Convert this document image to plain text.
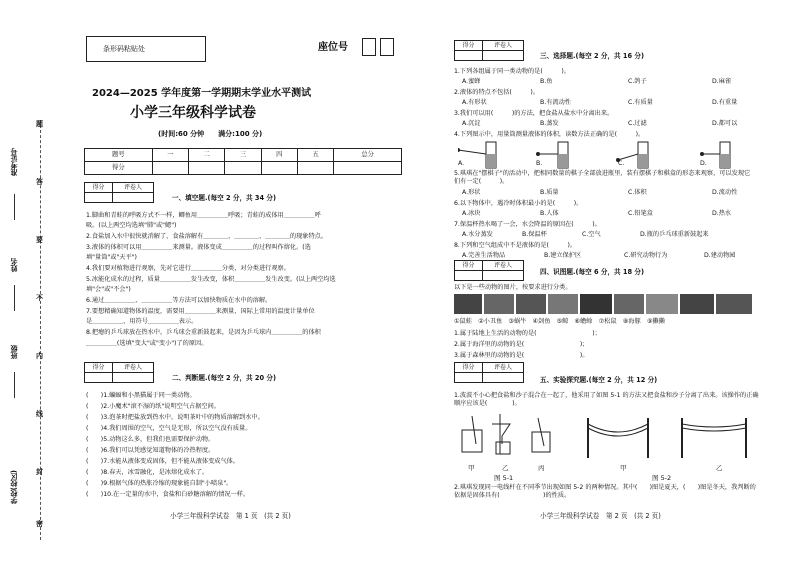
题
答
要
不
内
线
封
密
准考证号
姓名
班级
学校(校区)
条形码粘贴处	座位号
2024—2025 学年度第一学期期末学业水平测试
小学三年级科学试卷
(时间:60 分钟　　满分:100 分)
题号	一	二	三	四	五	总分
得分						
得分	评卷人

一、填空题.(每空 2 分，共 34 分)
1.脚曲和青蛙的呼吸方式不一样，鲫鱼用＿＿＿＿＿呼吸；青蛙的成体用＿＿＿＿＿呼
吸。(以上两空均选填"肺"或"鳃")
2.食盐加入水中很快就消解了，食盐溶解有＿＿＿＿、＿＿＿＿、＿＿＿＿的现象特点。
3.液体的体积可以用＿＿＿＿＿来测量。液体变成＿＿＿＿＿的过程叫作熔化。(选
填"量筒"或"天平")
4.我们要对植物进行观察，先对它进行＿＿＿＿＿分类，对分类进行观察。
5.冰能化成水的过程，质量＿＿＿＿＿发生改变，体积＿＿＿＿＿发生改变。(以上两空均选
填"会"或"不会")
6.通过＿＿＿＿＿、＿＿＿＿＿等方法可以加快物质在水中的溶解。
7.要想精确知道物体的温度，需要用＿＿＿＿＿来测量，国际上常用的温度计量单位
是＿＿＿＿＿，用符号＿＿＿＿＿表示。
8.把瘪的乒乓球放在热水中，乒乓球会重新鼓起来，是因为乒乓球内＿＿＿＿＿的体积
＿＿＿＿＿(选填"变大"或"变小")了的原因。
得分	评卷人

二、判断题.(每空 2 分，共 20 分)
(　　)1.蝙蝠和小黑猫属于同一类动物。
(　　)2.小魔术"滚不湿的纸"说明空气占据空间。
(　　)3.泡茶时把盐放到热水中，说明茶叶中的物质溶解到水中。
(　　)4.我们周围的空气，空气是无形，所以空气没有质量。
(　　)5.动物这么多，但我们也需要保护动物。
(　　)6.我们可以凭感觉知道物体的冷热程度。
(　　)7.水能从液体变成固体，但不能从液体变成气体。
(　　)8.春天，冰雪融化，是冰熔化成水了。
(　　)9.根据气体的热胀冷缩的现象能自制"小喷泉"。
(　　)10.在一定量的水中，食盐和白砂糖溶解的情况一样。
小学三年级科学试卷　第 1 页　(共 2 页)
得分	评卷人

三、选择题.(每空 2 分，共 16 分)
1.下列各组属于同一类动物的是(　　　)。
A.蜜蜂	B.鱼	C.鸽子	D.麻雀
2.液体的特点不包括(　　　)。
A.有形状	B.有流动性	C.有质量	D.有重量
3.我们可以用(　　　)的方法，把食盐从盐水中分离出来。
A.沉淀	B.蒸发	C.过滤	D.都可以
4.下列图示中，用量筒测量液体的体积，读数方法正确的是(　　　)。
A.	B.	C.	D.
5.琪琪在"摆棋子"的活动中，把相同数量的棋子全部放进瓶里，装有摆棋子和棋盒的形态来观察，可以发现它们有一定(　　　)。
A.形状	B.质量	C.体积	D.流动性
6.以下物体中，遇冷时体积最小的是(　　　)。
A.冰块	B.人体	C.铅笔盒	D.热水
7.保温杯热水喝了一会，水会降温的原因在(　　　)。
A.水分蒸发	B.保温杯	C.空气	D.瓶的乒乓球重新鼓起来
8.下列和空气组成中不是液体的是(　　　)。
A.完善生活物品	B.建立保护区	C.研究动物行为	D.建动物园
得分	评卷人

四、识图题.(每空 6 分，共 18 分)
以下是一些动物的图片，按要求进行分类。
①鼠蛙　②小丑鱼　③蜗牛　④剑鱼　⑤鲸　⑥蟾蜍　⑦松鼠　⑧海豚　⑨獭獭
1.属于陆地上生活的动物的是(　　　　　　　　　)；
2.属于海洋里的动物的是(　　　　　　　　　)；
3.属于森林里的动物的是(　　　　　　　　　)。
得分	评卷人

五、实验探究题.(每空 2 分，共 12 分)
1.波波不小心把食盐和沙子混合在一起了，他采用了如图 5-1 的方法又把食盐和沙子分离了出来。该操作的正确顺序应该是(　　　　)。
甲	乙	丙
图 5-1
甲	乙
图 5-2
2.琪琪发现同一电线杆在不同季节出现如图 5-2 的两种情况。其中(　　)图是夏天，(　　)图是冬天，我判断的依据是固体具有(　　　　　　　)的性质。
小学三年级科学试卷　第 2 页　(共 2 页)
